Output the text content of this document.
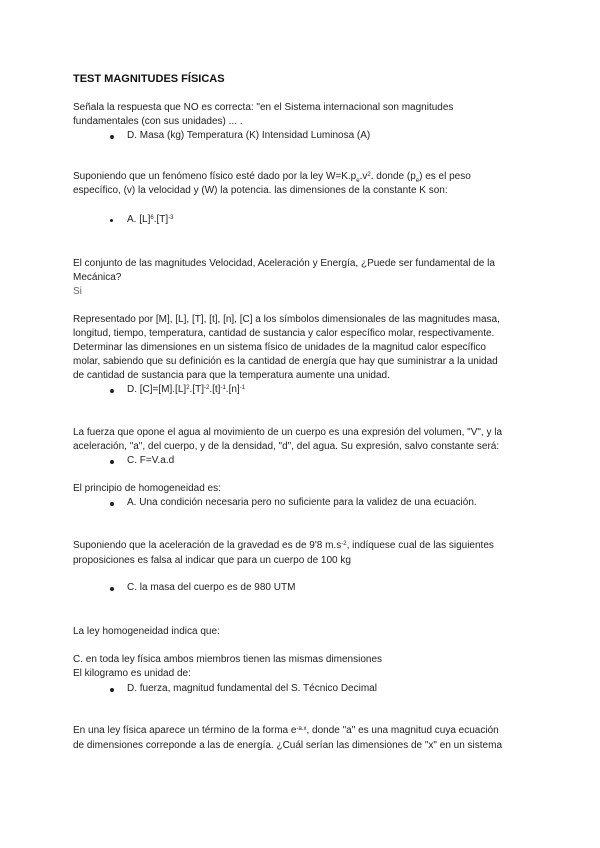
TEST MAGNITUDES FÍSICAS
Señala la respuesta que NO es correcta: "en el Sistema internacional son magnitudes
fundamentales (con sus unidades) ... .
D. Masa (kg) Temperatura (K) Intensidad Luminosa (A)
Suponiendo que un fenómeno físico esté dado por la ley $W=K.p_e.v^2$. donde $(p_e)$ es el peso
específico, (v) la velocidad y (W) la potencia. las dimensiones de la constante K son:
A. $[L]^6.[T]^{-3}$
El conjunto de las magnitudes Velocidad, Aceleración y Energía, ¿Puede ser fundamental de la
Mecánica?
Si
Representado por [M], [L], [T], [t], [n], [C] a los símbolos dimensionales de las magnitudes masa,
longitud, tiempo, temperatura, cantidad de sustancia y calor específico molar, respectivamente.
Determinar las dimensiones en un sistema físico de unidades de la magnitud calor específico
molar, sabiendo que su definición es la cantidad de energía que hay que suministrar a la unidad
de cantidad de sustancia para que la temperatura aumente una unidad.
D. $[C]=[M].[L]^2.[T]^{-2}.[t]^{-1}.[n]^{-1}$
La fuerza que opone el agua al movimiento de un cuerpo es una expresión del volumen, "V", y la
aceleración, "a", del cuerpo, y de la densidad, "d", del agua. Su expresión, salvo constante será:
C. F=V.a.d
El principio de homogeneidad es:
A. Una condición necesaria pero no suficiente para la validez de una ecuación.
Suponiendo que la aceleración de la gravedad es de 9'8 $m.s^{-2}$, indíquese cual de las siguientes
proposiciones es falsa al indicar que para un cuerpo de 100 kg
C. la masa del cuerpo es de 980 UTM
La ley homogeneidad indica que:
C. en toda ley física ambos miembros tienen las mismas dimensiones
El kilogramo es unidad de:
D. fuerza, magnitud fundamental del S. Técnico Decimal
En una ley física aparece un término de la forma $e^{-a.x}$, donde "a" es una magnitud cuya ecuación
de dimensiones correponde a las de energía. ¿Cuál serían las dimensiones de "x" en un sistema
